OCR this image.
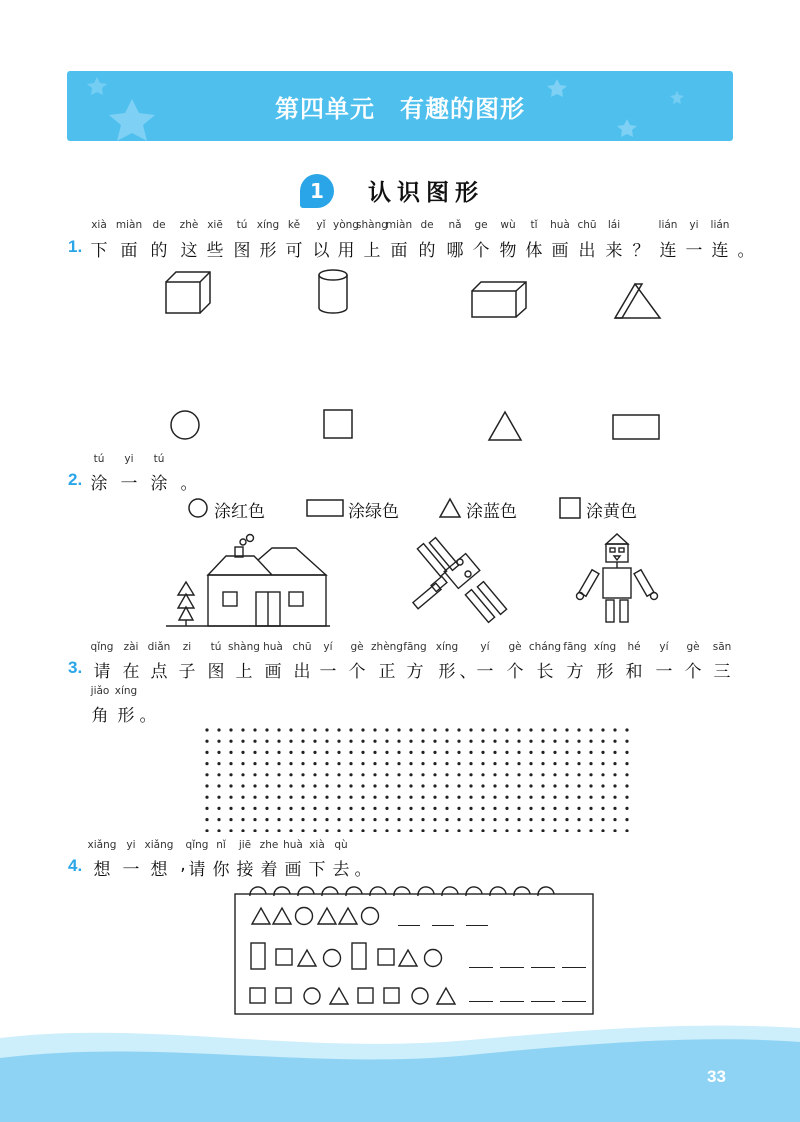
第四单元　有趣的图形
1	认识图形
1.
xià miàn de zhè xiē tú xíng kě yǐ yòng
shàng
miàn de nǎ ge wù tǐ huà chū lái	lián yi lián
下 面 的 这 些 图 形 可 以 用 上 面 的 哪 个 物 体 画 出 来 ？ 连 一 连 。
2.
tú yi tú
涂 一 涂 。
涂红色	涂绿色	涂蓝色	涂黄色
3.
qǐng zài diǎn zi tú shàng huà chū yí gè zhèng fāng xíng yí gè cháng fāng xíng hé yí gè sān
请 在 点 子 图 上 画 出 一 个 正 方 形 、 一 个 长 方 形 和 一 个 三
jiǎo xíng
角 形 。
4.
xiǎng yi xiǎng qǐng nǐ jiē zhe huà xià qù
想 一 想 , 请 你 接 着 画 下 去 。
33
